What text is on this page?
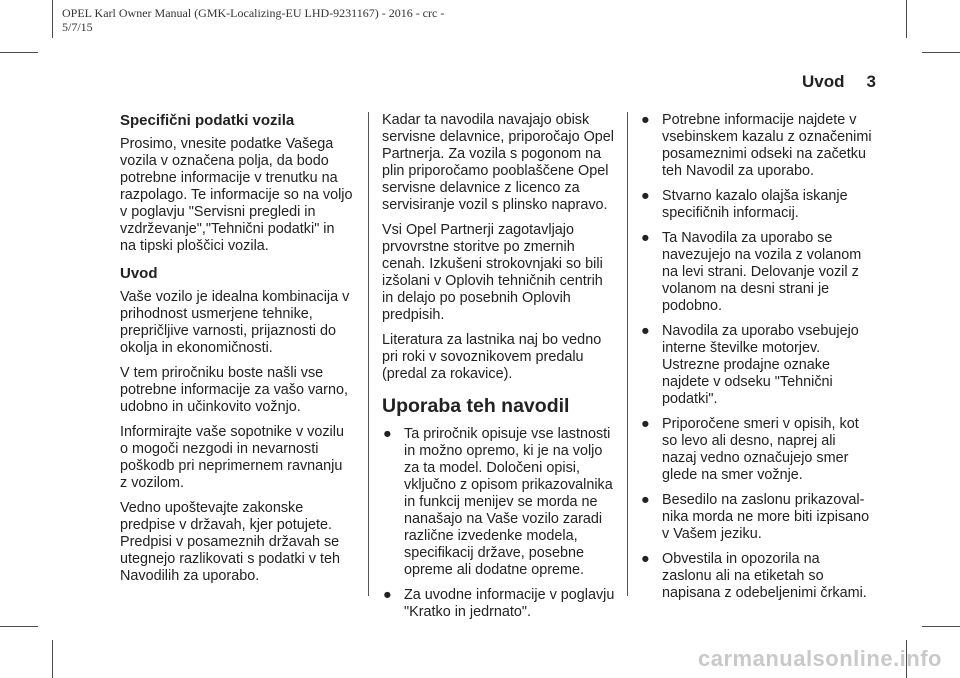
OPEL Karl Owner Manual (GMK-Localizing-EU LHD-9231167) - 2016 - crc -
5/7/15
Uvod 3
Specifični podatki vozila

Prosimo, vnesite podatke Vašega
vozila v označena polja, da bodo
potrebne informacije v trenutku na
razpolago. Te informacije so na voljo
v poglavju "Servisni pregledi in
vzdrževanje","Tehnični podatki" in
na tipski ploščici vozila.

Uvod

Vaše vozilo je idealna kombinacija v
prihodnost usmerjene tehnike,
prepričljive varnosti, prijaznosti do
okolja in ekonomičnosti.

V tem priročniku boste našli vse
potrebne informacije za vašo varno,
udobno in učinkovito vožnjo.

Informirajte vaše sopotnike v vozilu
o mogoči nezgodi in nevarnosti
poškodb pri neprimernem ravnanju
z vozilom.

Vedno upoštevajte zakonske
predpise v državah, kjer potujete.
Predpisi v posameznih državah se
utegnejo razlikovati s podatki v teh
Navodilih za uporabo.

Kadar ta navodila navajajo obisk
servisne delavnice, priporočajo Opel
Partnerja. Za vozila s pogonom na
plin priporočamo pooblaščene Opel
servisne delavnice z licenco za
servisiranje vozil s plinsko napravo.

Vsi Opel Partnerji zagotavljajo
prvovrstne storitve po zmernih
cenah. Izkušeni strokovnjaki so bili
izšolani v Oplovih tehničnih centrih
in delajo po posebnih Oplovih
predpisih.

Literatura za lastnika naj bo vedno
pri roki v sovoznikovem predalu
(predal za rokavice).

Uporaba teh navodil
● Ta priročnik opisuje vse lastnosti
in možno opremo, ki je na voljo
za ta model. Določeni opisi,
vključno z opisom prikazovalnika
in funkcij menijev se morda ne
nanašajo na Vaše vozilo zaradi
različne izvedenke modela,
specifikacij države, posebne
opreme ali dodatne opreme.
● Za uvodne informacije v poglavju
"Kratko in jedrnato".
● Potrebne informacije najdete v
vsebinskem kazalu z označenimi
posameznimi odseki na začetku
teh Navodil za uporabo.
● Stvarno kazalo olajša iskanje
specifičnih informacij.
● Ta Navodila za uporabo se
navezujejo na vozila z volanom
na levi strani. Delovanje vozil z
volanom na desni strani je
podobno.
● Navodila za uporabo vsebujejo
interne številke motorjev.
Ustrezne prodajne oznake
najdete v odseku "Tehnični
podatki".
● Priporočene smeri v opisih, kot
so levo ali desno, naprej ali
nazaj vedno označujejo smer
glede na smer vožnje.
● Besedilo na zaslonu prikazoval-
nika morda ne more biti izpisano
v Vašem jeziku.
● Obvestila in opozorila na
zaslonu ali na etiketah so
napisana z odebeljenimi črkami.
carmanualsonline.info
